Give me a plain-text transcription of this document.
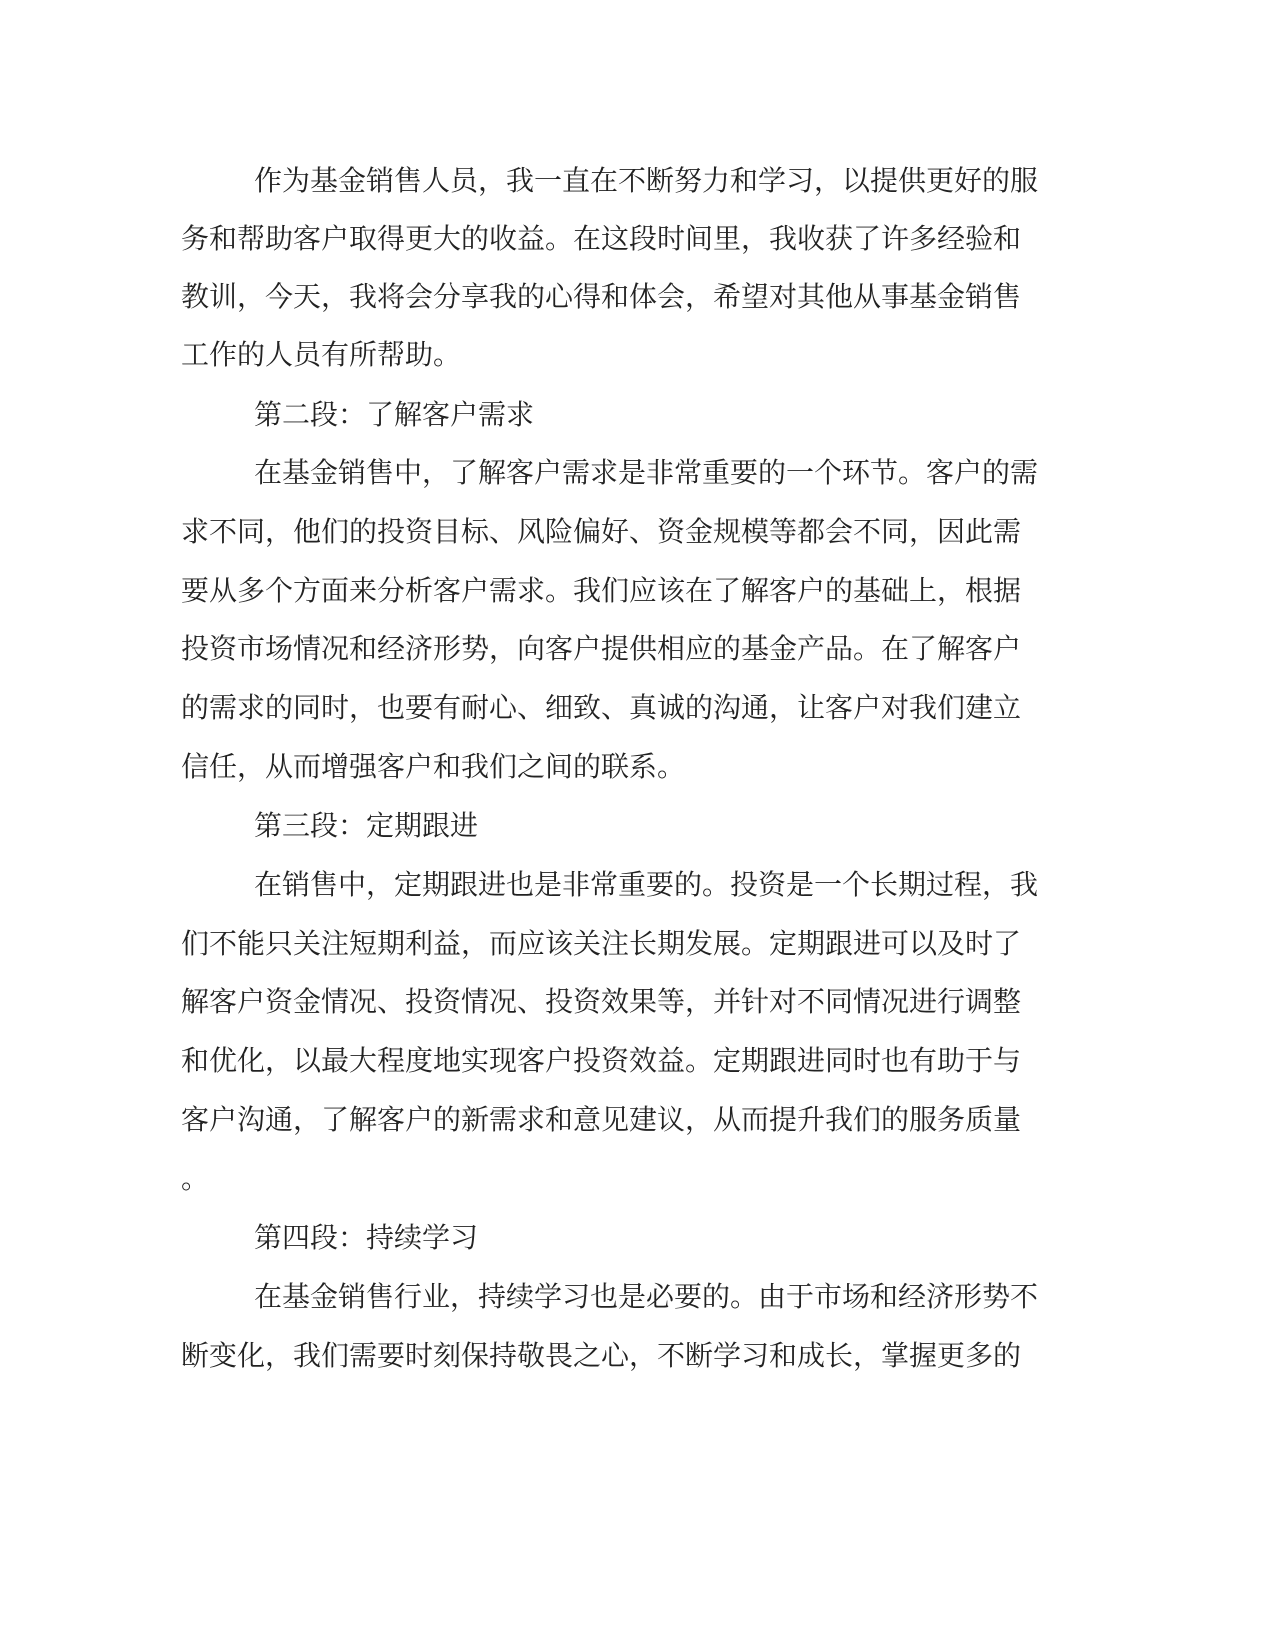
作为基金销售人员，我一直在不断努力和学习，以提供更好的服

务和帮助客户取得更大的收益。在这段时间里，我收获了许多经验和

教训，今天，我将会分享我的心得和体会，希望对其他从事基金销售

工作的人员有所帮助。

第二段：了解客户需求

在基金销售中，了解客户需求是非常重要的一个环节。客户的需

求不同，他们的投资目标、风险偏好、资金规模等都会不同，因此需

要从多个方面来分析客户需求。我们应该在了解客户的基础上，根据

投资市场情况和经济形势，向客户提供相应的基金产品。在了解客户

的需求的同时，也要有耐心、细致、真诚的沟通，让客户对我们建立

信任，从而增强客户和我们之间的联系。

第三段：定期跟进

在销售中，定期跟进也是非常重要的。投资是一个长期过程，我

们不能只关注短期利益，而应该关注长期发展。定期跟进可以及时了

解客户资金情况、投资情况、投资效果等，并针对不同情况进行调整

和优化，以最大程度地实现客户投资效益。定期跟进同时也有助于与

客户沟通，了解客户的新需求和意见建议，从而提升我们的服务质量

。

第四段：持续学习

在基金销售行业，持续学习也是必要的。由于市场和经济形势不

断变化，我们需要时刻保持敬畏之心，不断学习和成长，掌握更多的
